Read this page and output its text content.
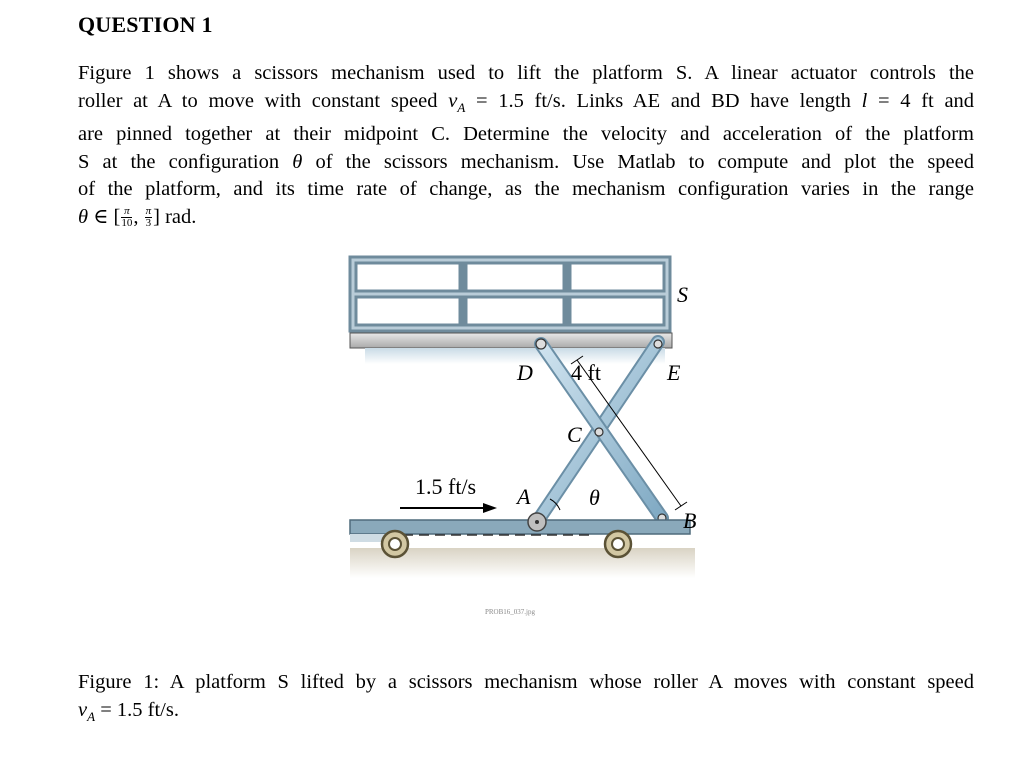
QUESTION 1
Figure 1 shows a scissors mechanism used to lift the platform S. A linear actuator controls the
roller at A to move with constant speed $v_A = 1.5$ ft/s. Links AE and BD have length l = 4 ft and
are pinned together at their midpoint C. Determine the velocity and acceleration of the platform
S at the configuration θ of the scissors mechanism. Use Matlab to compute and plot the speed
of the platform, and its time rate of change, as the mechanism configuration varies in the range
θ ∈ [ $\frac{\pi}{10}$ , $\frac{\pi}{3}$ ] rad.
S
D	E
C
A
B
θ
4 ft
1.5 ft/s
PROB16_037.jpg
Figure 1: A platform S lifted by a scissors mechanism whose roller A moves with constant speed
$v_A = 1.5$ ft/s.
